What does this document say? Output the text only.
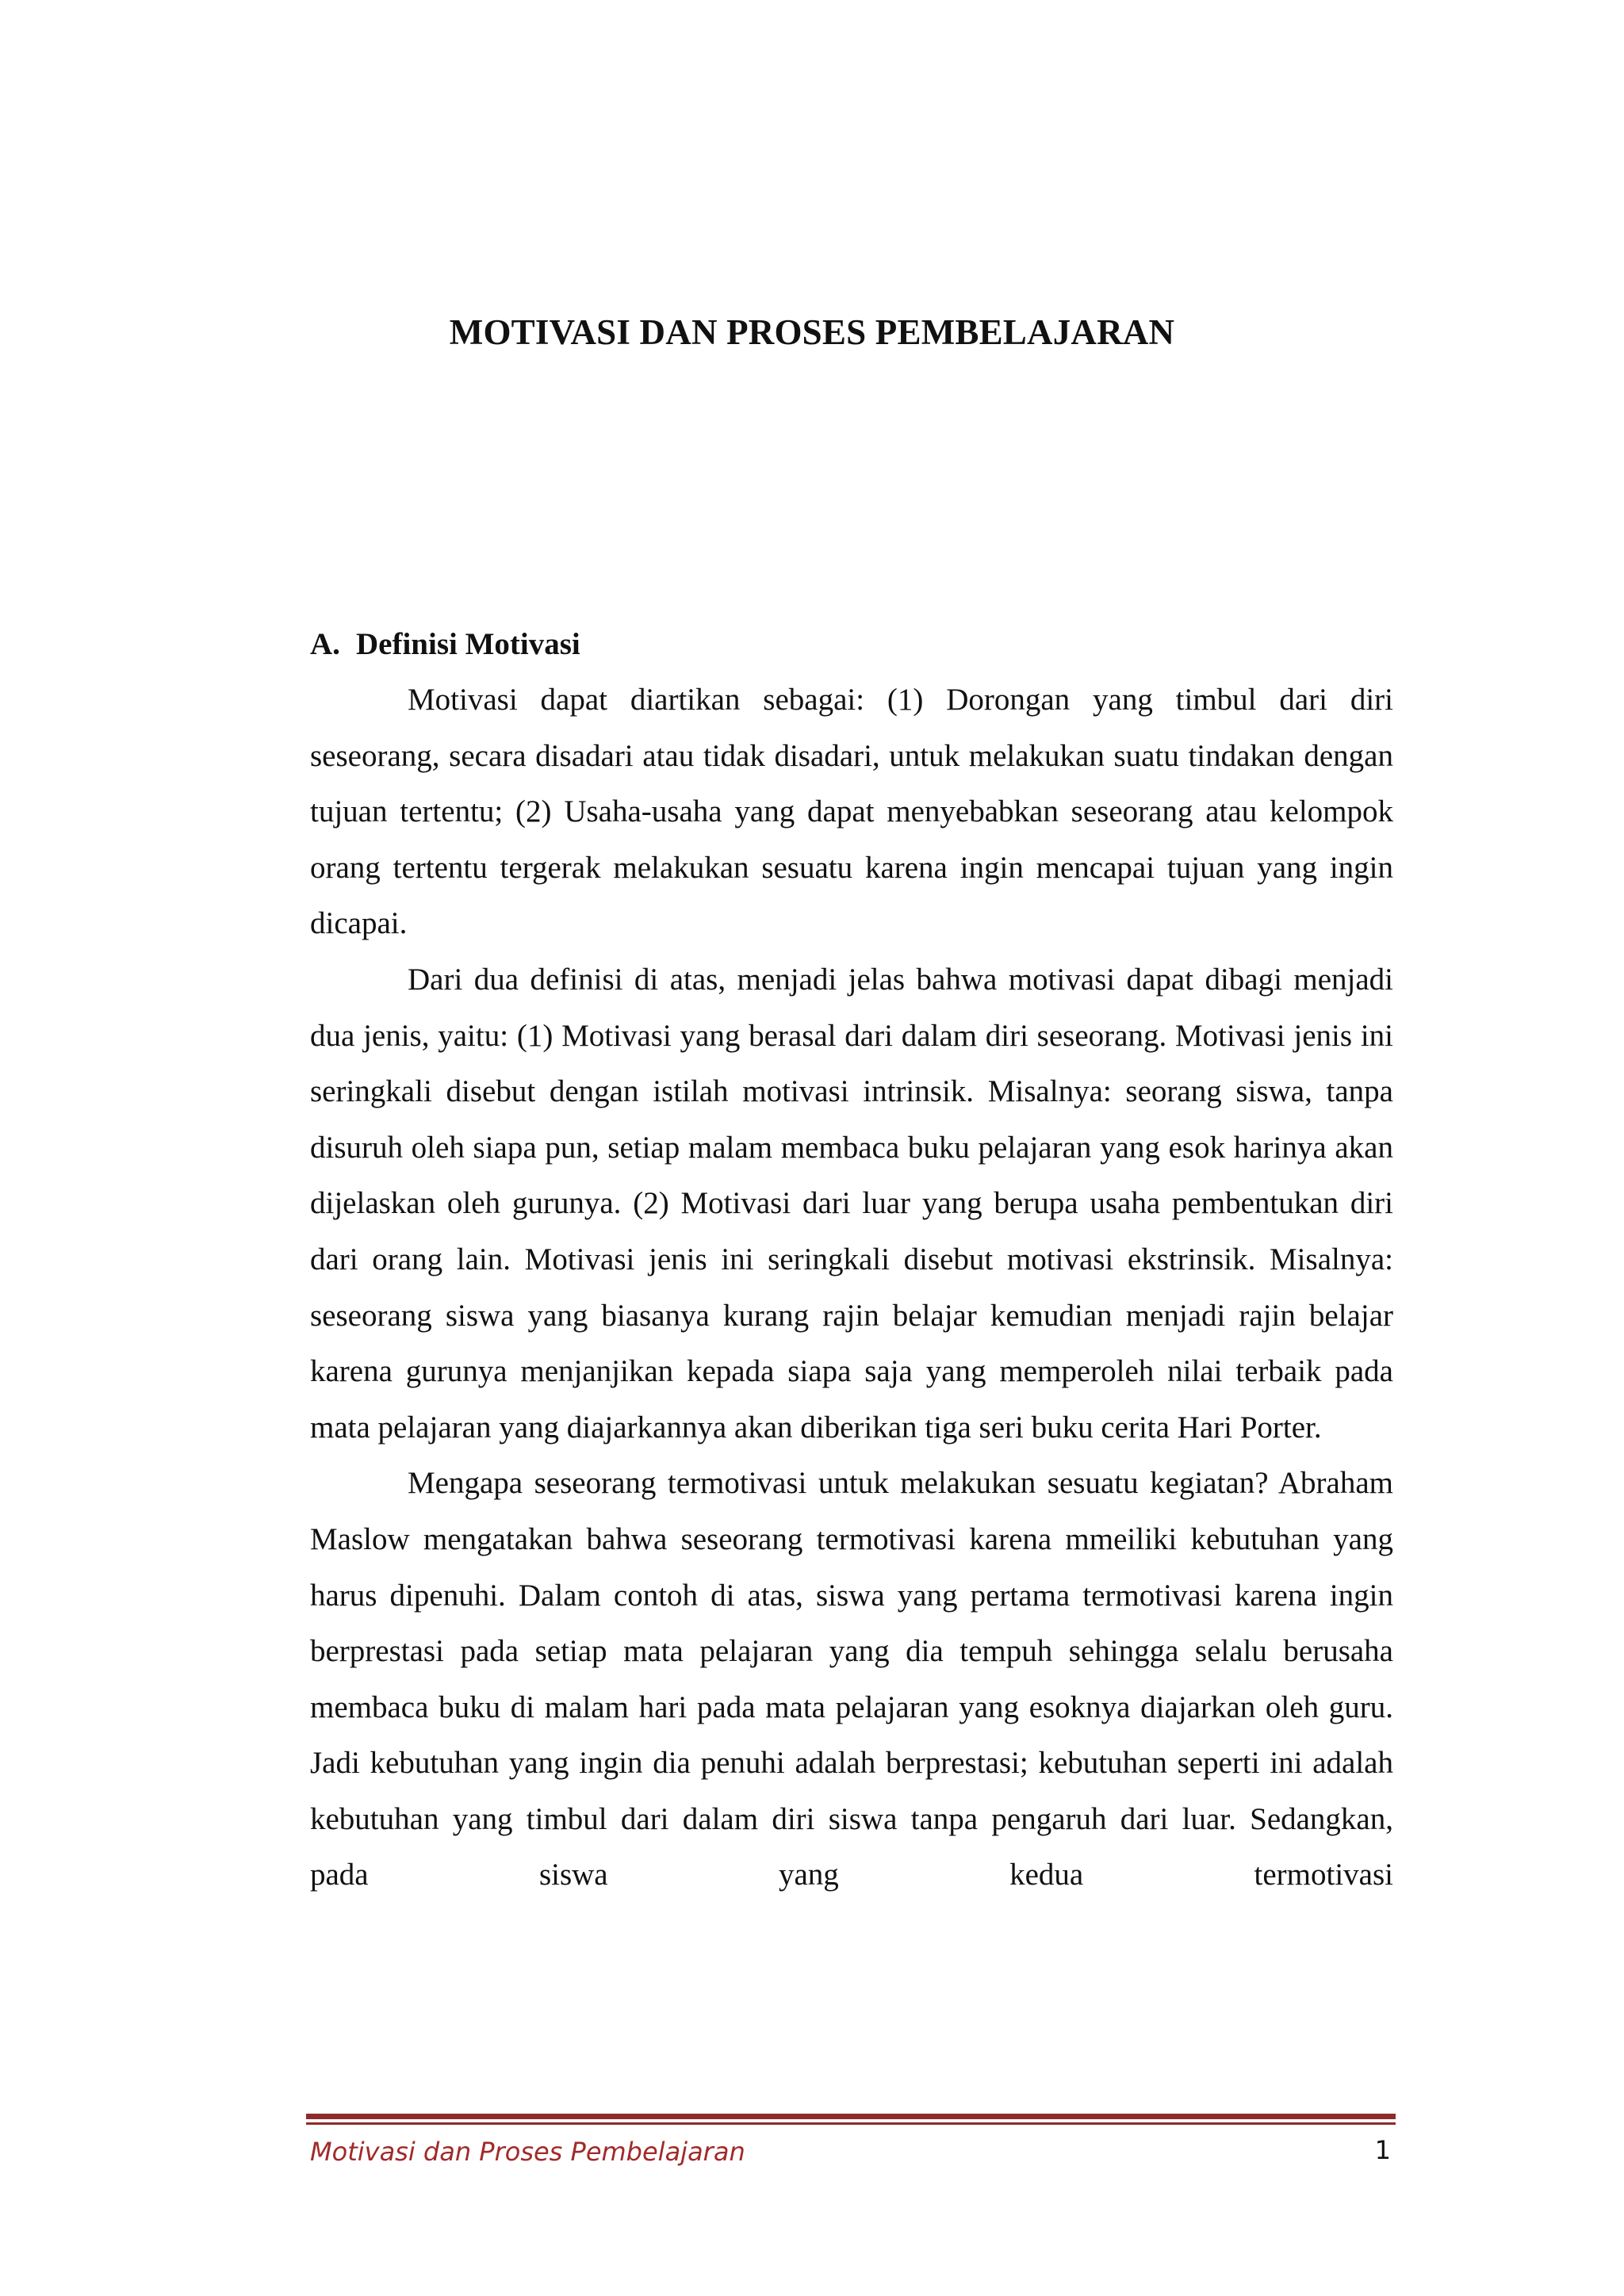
MOTIVASI DAN PROSES PEMBELAJARAN
A. Definisi Motivasi

Motivasi dapat diartikan sebagai: (1) Dorongan yang timbul dari diri seseorang, secara disadari atau tidak disadari, untuk melakukan suatu tindakan dengan tujuan tertentu; (2) Usaha-usaha yang dapat menyebabkan seseorang atau kelompok orang tertentu tergerak melakukan sesuatu karena ingin mencapai tujuan yang ingin dicapai.

Dari dua definisi di atas, menjadi jelas bahwa motivasi dapat dibagi menjadi dua jenis, yaitu: (1) Motivasi yang berasal dari dalam diri seseorang. Motivasi jenis ini seringkali disebut dengan istilah motivasi intrinsik. Misalnya: seorang siswa, tanpa disuruh oleh siapa pun, setiap malam membaca buku pelajaran yang esok harinya akan dijelaskan oleh gurunya. (2) Motivasi dari luar yang berupa usaha pembentukan diri dari orang lain. Motivasi jenis ini seringkali disebut motivasi ekstrinsik. Misalnya: seseorang siswa yang biasanya kurang rajin belajar kemudian menjadi rajin belajar karena gurunya menjanjikan kepada siapa saja yang memperoleh nilai terbaik pada mata pelajaran yang diajarkannya akan diberikan tiga seri buku cerita Hari Porter.

Mengapa seseorang termotivasi untuk melakukan sesuatu kegiatan? Abraham Maslow mengatakan bahwa seseorang termotivasi karena mmeiliki kebutuhan yang harus dipenuhi. Dalam contoh di atas, siswa yang pertama termotivasi karena ingin berprestasi pada setiap mata pelajaran yang dia tempuh sehingga selalu berusaha membaca buku di malam hari pada mata pelajaran yang esoknya diajarkan oleh guru. Jadi kebutuhan yang ingin dia penuhi adalah berprestasi; kebutuhan seperti ini adalah kebutuhan yang timbul dari dalam diri siswa tanpa pengaruh dari luar. Sedangkan, pada siswa yang kedua termotivasi

Motivasi dan Proses Pembelajaran	1
